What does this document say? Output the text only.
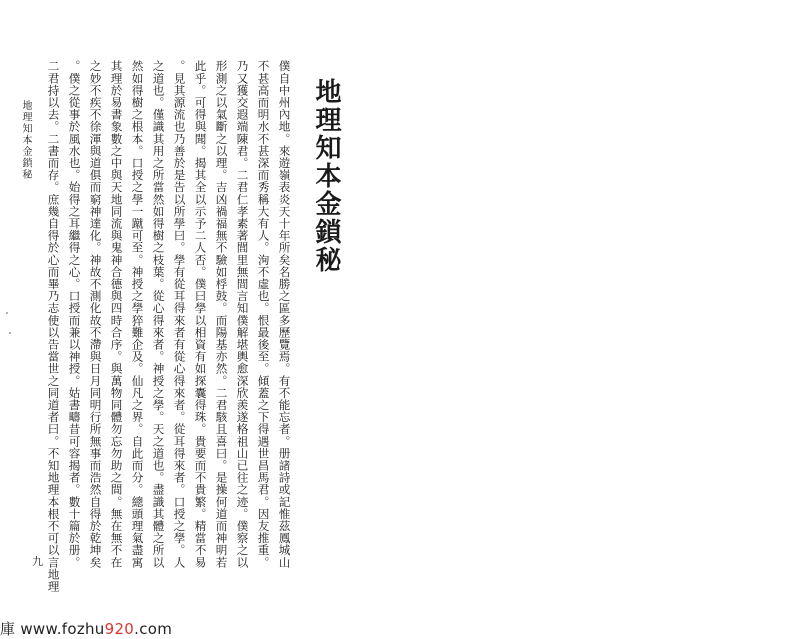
地理知本金鎖秘
僕自中州內地。來遊嶺表炎天十年所矣名勝之區多歷覽焉。有不能忘者。册諸詩或記惟茲鳳城山
不甚高而明水不甚深而秀稱大有人。洵不虛也。恨最後至。傾蓋之下得遇世昌馬君。因友推重。
乃又獲交遐端陳君。二君仁孝素著閭里無間言知僕解堪輿愈深欣羨遂格祖山已往之迹。僕察之以
形測之以氣斷之以理。吉凶禍福無不驗如桴鼓。而陽基亦然。二君駭且喜曰。是操何道而神明若
此乎。可得與聞。揭其全以示予二人否。僕曰學以相資有如探囊得珠。貴要而不貴繁。精當不易
。見其源流也乃善於是告以所學曰。學有從耳得來者有從心得來者。從耳得來者。口授之學。人
之道也。僅識其用之所當然如得樹之枝葉。從心得來者。神授之學。天之道也。盡識其體之所以
然如得樹之根本。口授之學一蹴可至。神授之學猝難企及。仙凡之界。自此而分。總頭理氣盡寓
其理於易書象數之中與天地同流與鬼神合德與四時合序。與萬物同體勿忘勿助之間。無在無不在
之妙不疾不徐渾與道俱而窮神達化。神故不測化故不滯與日月同明行所無事而浩然自得於乾坤矣
。僕之從事於風水也。始得之耳繼得之心。口授而兼以神授。姑書疇昔可容揭者。數十篇於册。
二君持以去。二書而存。庶幾自得於心而畢乃志使以告當世之同道者曰。不知地理本根不可以言地理
地理知本金鎖秘
九
庫 www.fozhu920.com
